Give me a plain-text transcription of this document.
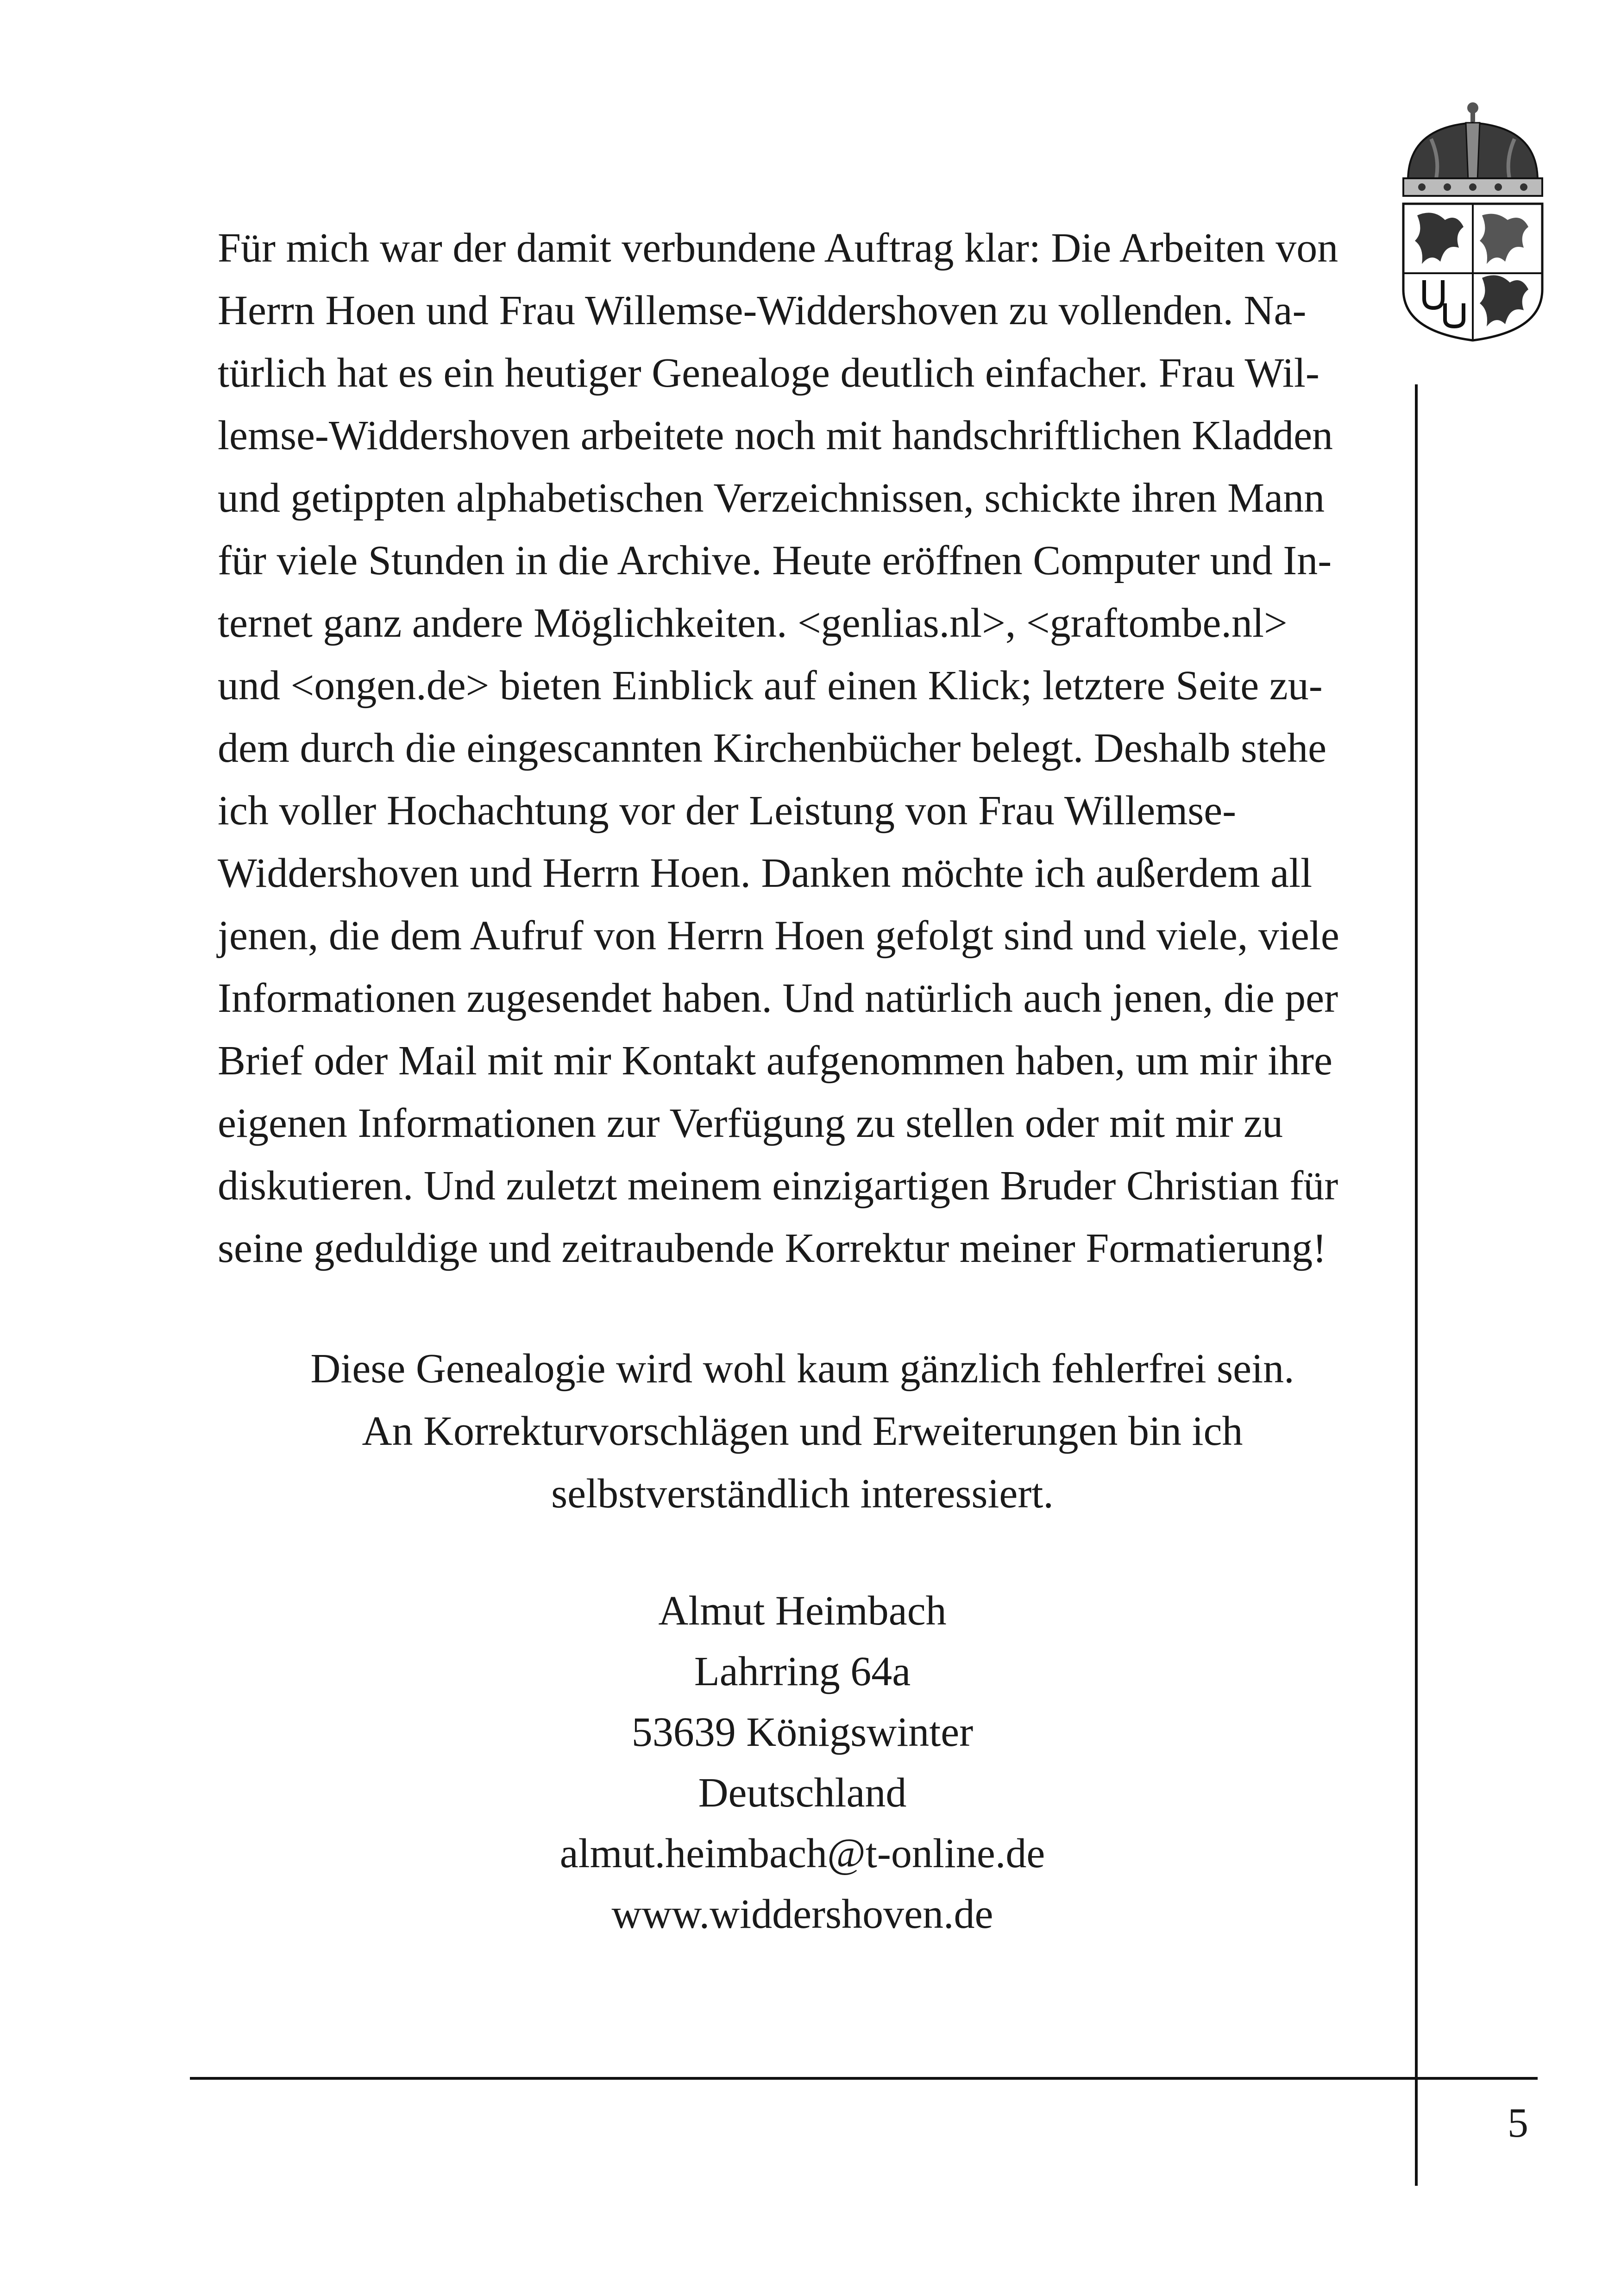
Für mich war der damit verbundene Auftrag klar: Die Arbeiten von
Herrn Hoen und Frau Willemse-Widdershoven zu vollenden. Na-
türlich hat es ein heutiger Genealoge deutlich einfacher. Frau Wil-
lemse-Widdershoven arbeitete noch mit handschriftlichen Kladden
und getippten alphabetischen Verzeichnissen, schickte ihren Mann
für viele Stunden in die Archive. Heute eröffnen Computer und In-
ternet ganz andere Möglichkeiten. <genlias.nl>, <graftombe.nl>
und <ongen.de> bieten Einblick auf einen Klick; letztere Seite zu-
dem durch die eingescannten Kirchenbücher belegt. Deshalb stehe
ich voller Hochachtung vor der Leistung von Frau Willemse-
Widdershoven und Herrn Hoen. Danken möchte ich außerdem all
jenen, die dem Aufruf von Herrn Hoen gefolgt sind und viele, viele
Informationen zugesendet haben. Und natürlich auch jenen, die per
Brief oder Mail mit mir Kontakt aufgenommen haben, um mir ihre
eigenen Informationen zur Verfügung zu stellen oder mit mir zu
diskutieren. Und zuletzt meinem einzigartigen Bruder Christian für
seine geduldige und zeitraubende Korrektur meiner Formatierung!
Diese Genealogie wird wohl kaum gänzlich fehlerfrei sein.
An Korrekturvorschlägen und Erweiterungen bin ich
selbstverständlich interessiert.
Almut Heimbach
Lahrring 64a
53639 Königswinter
Deutschland
almut.heimbach@t-online.de
www.widdershoven.de
5
